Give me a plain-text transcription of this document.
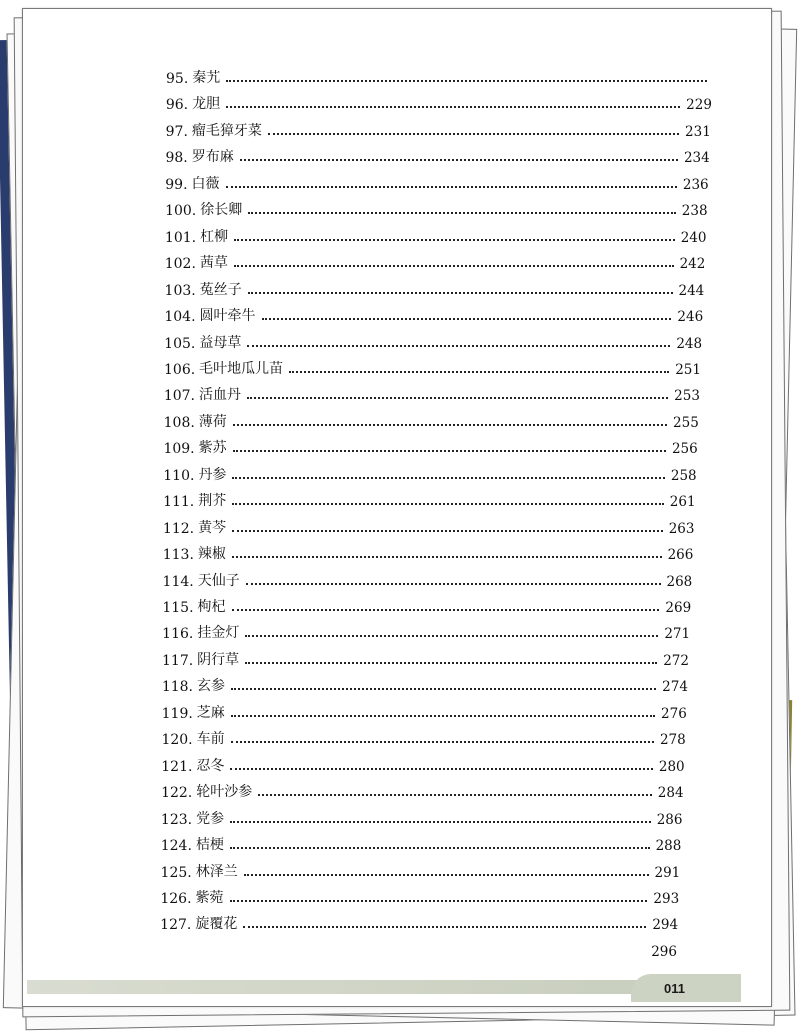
95. 秦艽
96. 龙胆	229
97. 瘤毛獐牙菜	231
98. 罗布麻	234
99. 白薇	236
100. 徐长卿	238
101. 杠柳	240
102. 茜草	242
103. 菟丝子	244
104. 圆叶牵牛	246
105. 益母草	248
106. 毛叶地瓜儿苗	251
107. 活血丹	253
108. 薄荷	255
109. 紫苏	256
110. 丹参	258
111. 荆芥	261
112. 黄芩	263
113. 辣椒	266
114. 天仙子	268
115. 枸杞	269
116. 挂金灯	271
117. 阴行草	272
118. 玄参	274
119. 芝麻	276
120. 车前	278
121. 忍冬	280
122. 轮叶沙参	284
123. 党参	286
124. 桔梗	288
125. 林泽兰	291
126. 紫菀	293
127. 旋覆花	294
296
011
